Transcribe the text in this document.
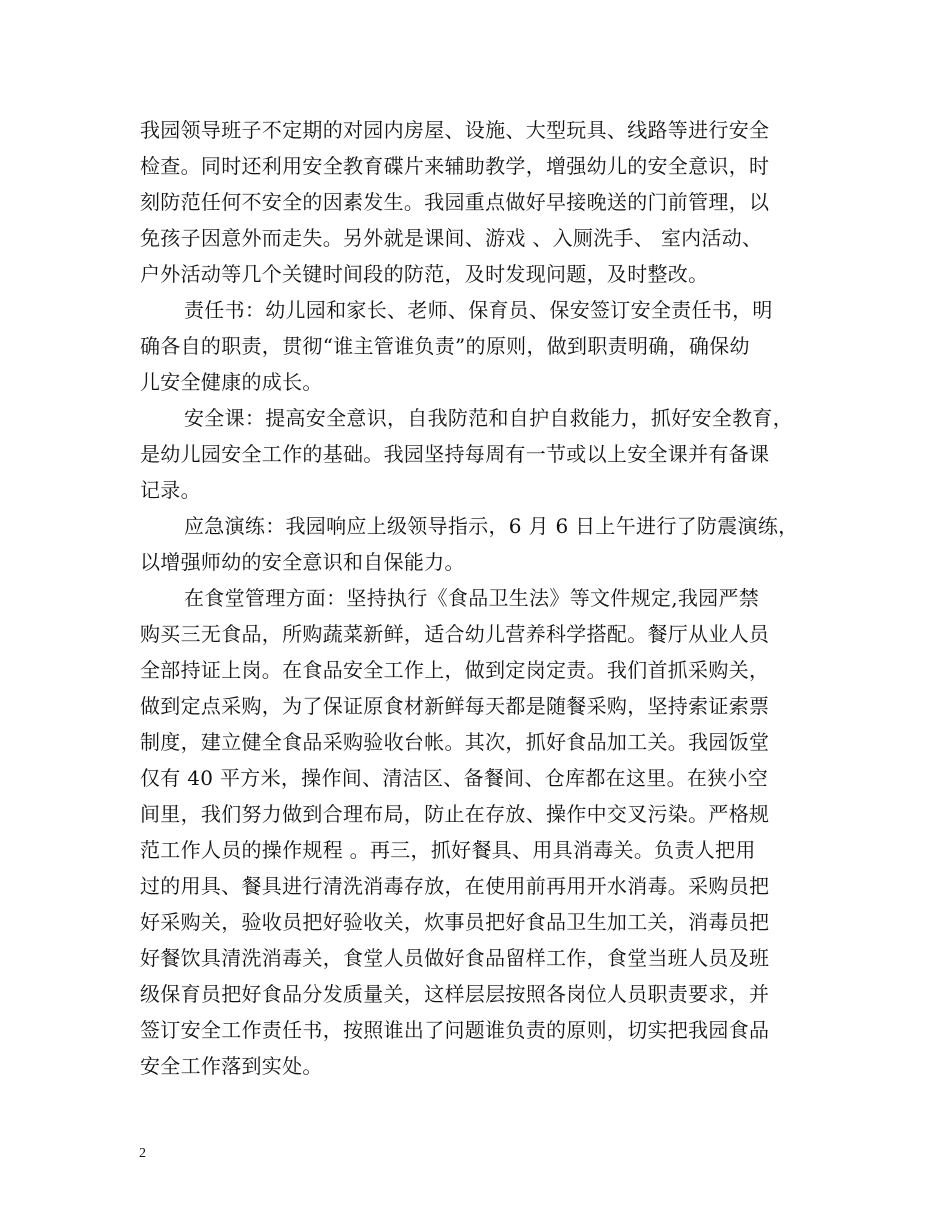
我园领导班子不定期的对园内房屋、设施、大型玩具、线路等进行安全
检查。同时还利用安全教育碟片来辅助教学，增强幼儿的安全意识，时
刻防范任何不安全的因素发生。我园重点做好早接晚送的门前管理，以
免孩子因意外而走失。另外就是课间、游戏 、入厕洗手、 室内活动、
户外活动等几个关键时间段的防范，及时发现问题，及时整改。
责任书：幼儿园和家长、老师、保育员、保安签订安全责任书，明
确各自的职责，贯彻“谁主管谁负责”的原则，做到职责明确，确保幼
儿安全健康的成长。
安全课：提高安全意识，自我防范和自护自救能力，抓好安全教育，
是幼儿园安全工作的基础。我园坚持每周有一节或以上安全课并有备课
记录。
应急演练：我园响应上级领导指示，6 月 6 日上午进行了防震演练，
以增强师幼的安全意识和自保能力。
在食堂管理方面：坚持执行《食品卫生法》等文件规定,我园严禁
购买三无食品，所购蔬菜新鲜，适合幼儿营养科学搭配。餐厅从业人员
全部持证上岗。在食品安全工作上，做到定岗定责。我们首抓采购关，
做到定点采购，为了保证原食材新鲜每天都是随餐采购，坚持索证索票
制度，建立健全食品采购验收台帐。其次，抓好食品加工关。我园饭堂
仅有 40 平方米，操作间、清洁区、备餐间、仓库都在这里。在狭小空
间里，我们努力做到合理布局，防止在存放、操作中交叉污染。严格规
范工作人员的操作规程 。再三，抓好餐具、用具消毒关。负责人把用
过的用具、餐具进行清洗消毒存放，在使用前再用开水消毒。采购员把
好采购关，验收员把好验收关，炊事员把好食品卫生加工关，消毒员把
好餐饮具清洗消毒关，食堂人员做好食品留样工作，食堂当班人员及班
级保育员把好食品分发质量关，这样层层按照各岗位人员职责要求，并
签订安全工作责任书，按照谁出了问题谁负责的原则，切实把我园食品
安全工作落到实处。
2
